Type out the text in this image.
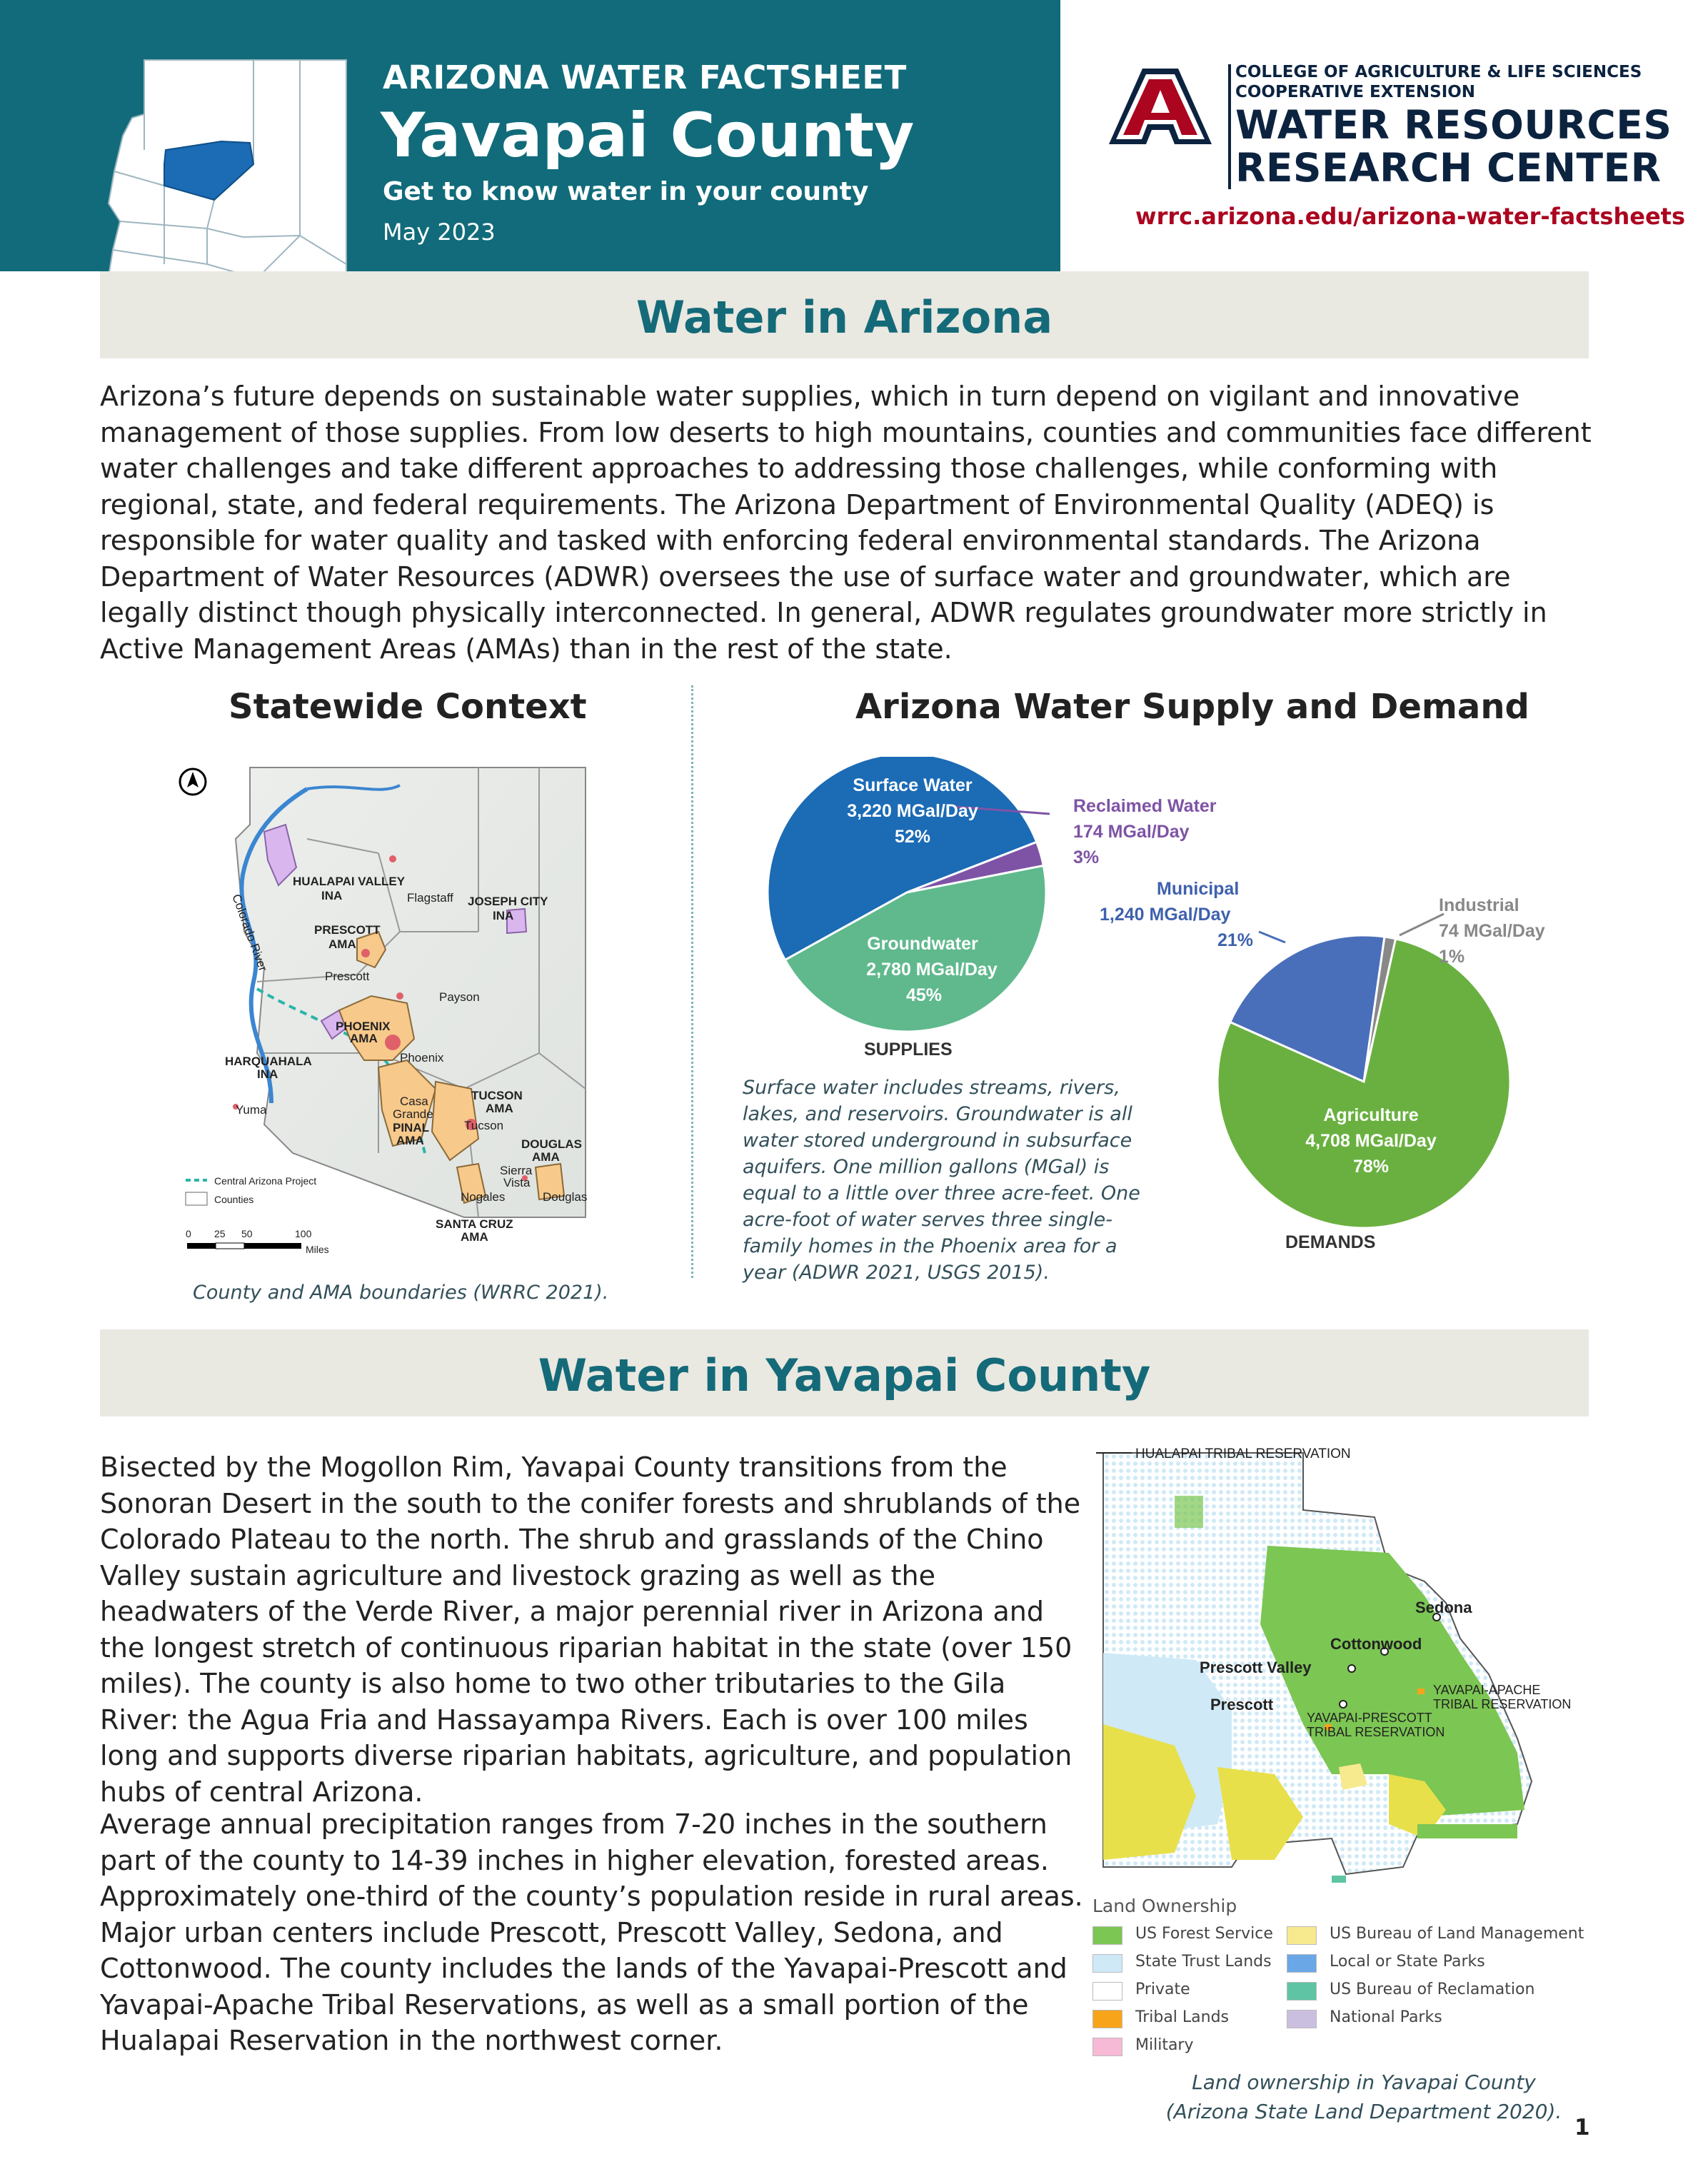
ARIZONA WATER FACTSHEET
Yavapai County
Get to know water in your county
May 2023
COLLEGE OF AGRICULTURE & LIFE SCIENCES
COOPERATIVE EXTENSION
WATER RESOURCES
RESEARCH CENTER
wrrc.arizona.edu/arizona-water-factsheets
Water in Arizona
Arizona’s future depends on sustainable water supplies, which in turn depend on vigilant and innovative management of those supplies. From low deserts to high mountains, counties and communities face different water challenges and take different approaches to addressing those challenges, while conforming with regional, state, and federal requirements. The Arizona Department of Environmental Quality (ADEQ) is responsible for water quality and tasked with enforcing federal environmental standards. The Arizona Department of Water Resources (ADWR) oversees the use of surface water and groundwater, which are legally distinct though physically interconnected. In general, ADWR regulates groundwater more strictly in Active Management Areas (AMAs) than in the rest of the state.
Statewide Context
HUALAPAI VALLEY
INA	Flagstaff JOSEPH CITY
INA
PRESCOTT
AMA
Prescott
Payson
PHOENIX
AMA
Phoenix
HARQUAHALA
INA
Yuma
Casa
Grande
PINAL
AMA
TUCSON
AMA
Tucson
DOUGLAS
AMA
Sierra
Vista
Nogales	Douglas
SANTA CRUZ
AMA
Colorado River
Central Arizona Project
Counties
0 25 50	100
Miles
County and AMA boundaries (WRRC 2021).
Arizona Water Supply and Demand
Surface Water
3,220 MGal/Day
52%
Groundwater
2,780 MGal/Day
45%
Agriculture
4,708 MGal/Day
78%
Reclaimed Water
174 MGal/Day
3%
Municipal
1,240 MGal/Day
21%
Industrial
74 MGal/Day
1%
SUPPLIES
DEMANDS
Surface water includes streams, rivers, lakes, and reservoirs. Groundwater is all water stored underground in subsurface aquifers. One million gallons (MGal) is equal to a little over three acre-feet. One acre-foot of water serves three single-family homes in the Phoenix area for a year (ADWR 2021, USGS 2015).
Water in Yavapai County
Bisected by the Mogollon Rim, Yavapai County transitions from the Sonoran Desert in the south to the conifer forests and shrublands of the Colorado Plateau to the north. The shrub and grasslands of the Chino Valley sustain agriculture and livestock grazing as well as the headwaters of the Verde River, a major perennial river in Arizona and the longest stretch of continuous riparian habitat in the state (over 150 miles). The county is also home to two other tributaries to the Gila River: the Agua Fria and Hassayampa Rivers. Each is over 100 miles long and supports diverse riparian habitats, agriculture, and population hubs of central Arizona.
Average annual precipitation ranges from 7-20 inches in the southern part of the county to 14-39 inches in higher elevation, forested areas. Approximately one-third of the county’s population reside in rural areas. Major urban centers include Prescott, Prescott Valley, Sedona, and Cottonwood. The county includes the lands of the Yavapai-Prescott and Yavapai-Apache Tribal Reservations, as well as a small portion of the Hualapai Reservation in the northwest corner.
HUALAPAI TRIBAL RESERVATION
Sedona
Cottonwood
Prescott Valley
Prescott
YAVAPAI-APACHE
TRIBAL RESERVATION
YAVAPAI-PRESCOTT
TRIBAL RESERVATION
Land Ownership
US Forest Service	US Bureau of Land Management
State Trust Lands	Local or State Parks
Private	US Bureau of Reclamation
Tribal Lands	National Parks
Military
Land ownership in Yavapai County
(Arizona State Land Department 2020).
1
